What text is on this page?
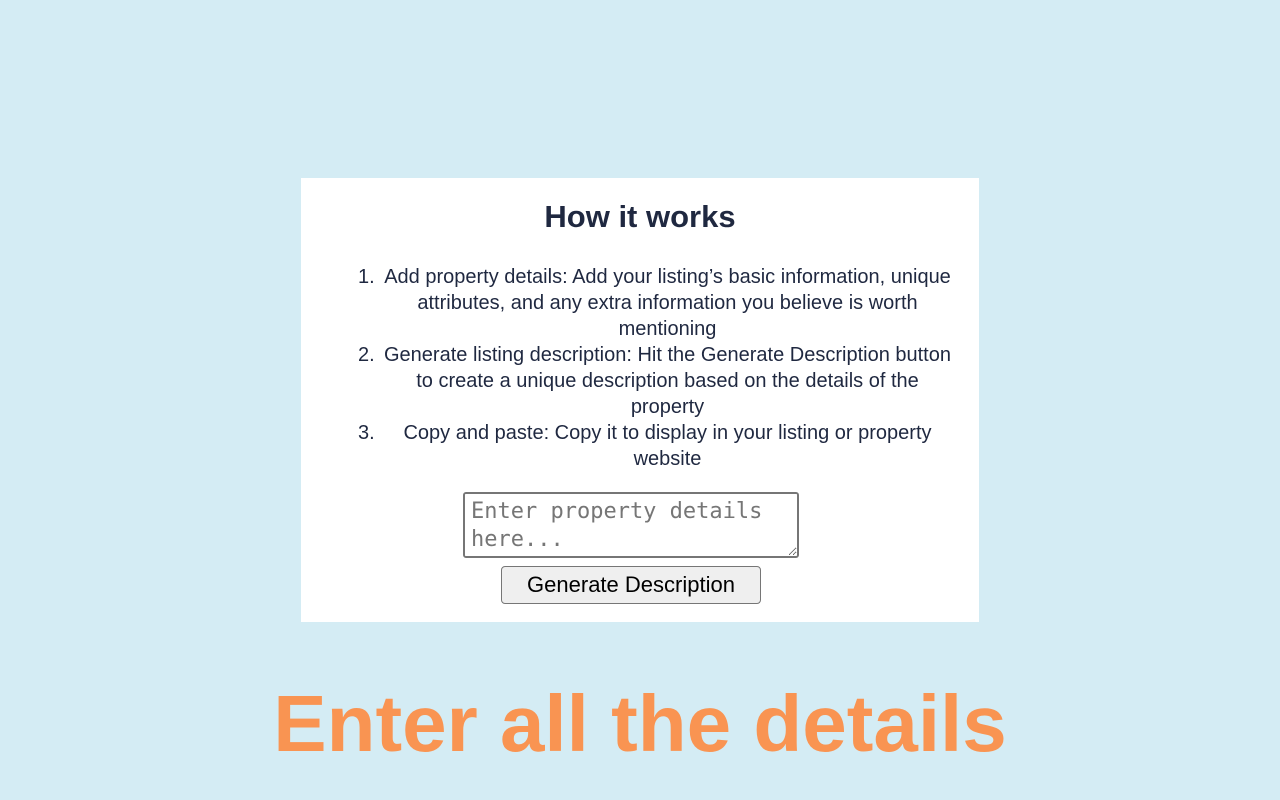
How it works
1. Add property details: Add your listing’s basic information, unique attributes, and any extra information you believe is worth mentioning
2. Generate listing description: Hit the Generate Description button to create a unique description based on the details of the property
3.	Copy and paste: Copy it to display in your listing or property website
Enter property details here...
Generate Description
Enter all the details
